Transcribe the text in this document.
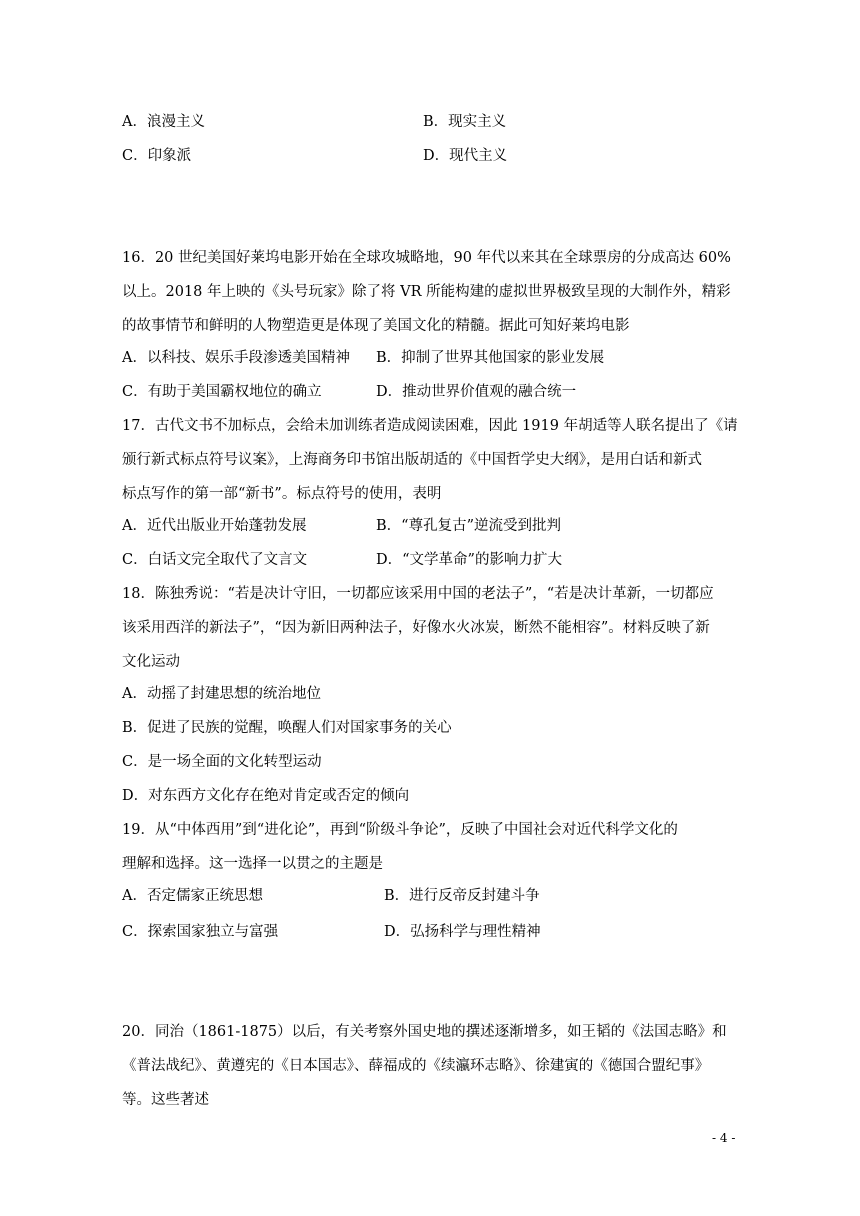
A．浪漫主义	B．现实主义
C．印象派	D．现代主义
16．20 世纪美国好莱坞电影开始在全球攻城略地，90 年代以来其在全球票房的分成高达 60%
以上。2018 年上映的《头号玩家》除了将 VR 所能构建的虚拟世界极致呈现的大制作外，精彩
的故事情节和鲜明的人物塑造更是体现了美国文化的精髓。据此可知好莱坞电影
A．以科技、娱乐手段渗透美国精神 B．抑制了世界其他国家的影业发展
C．有助于美国霸权地位的确立	D．推动世界价值观的融合统一
17．古代文书不加标点，会给未加训练者造成阅读困难，因此 1919 年胡适等人联名提出了《请
颁行新式标点符号议案》，上海商务印书馆出版胡适的《中国哲学史大纲》，是用白话和新式
标点写作的第一部“新书”。标点符号的使用，表明
A．近代出版业开始蓬勃发展	B．“尊孔复古”逆流受到批判
C．白话文完全取代了文言文	D．“文学革命”的影响力扩大
18．陈独秀说：“若是决计守旧，一切都应该采用中国的老法子”，“若是决计革新，一切都应
该采用西洋的新法子”，“因为新旧两种法子，好像水火冰炭，断然不能相容”。材料反映了新
文化运动
A．动摇了封建思想的统治地位
B．促进了民族的觉醒，唤醒人们对国家事务的关心
C．是一场全面的文化转型运动
D．对东西方文化存在绝对肯定或否定的倾向
19．从“中体西用”到“进化论”，再到“阶级斗争论”，反映了中国社会对近代科学文化的
理解和选择。这一选择一以贯之的主题是
A．否定儒家正统思想	B．进行反帝反封建斗争
C．探索国家独立与富强	D．弘扬科学与理性精神
20．同治（1861-1875）以后，有关考察外国史地的撰述逐渐增多，如王韬的《法国志略》和
《普法战纪》、黄遵宪的《日本国志》、薛福成的《续瀛环志略》、徐建寅的《德国合盟纪事》
等。这些著述
- 4 -
